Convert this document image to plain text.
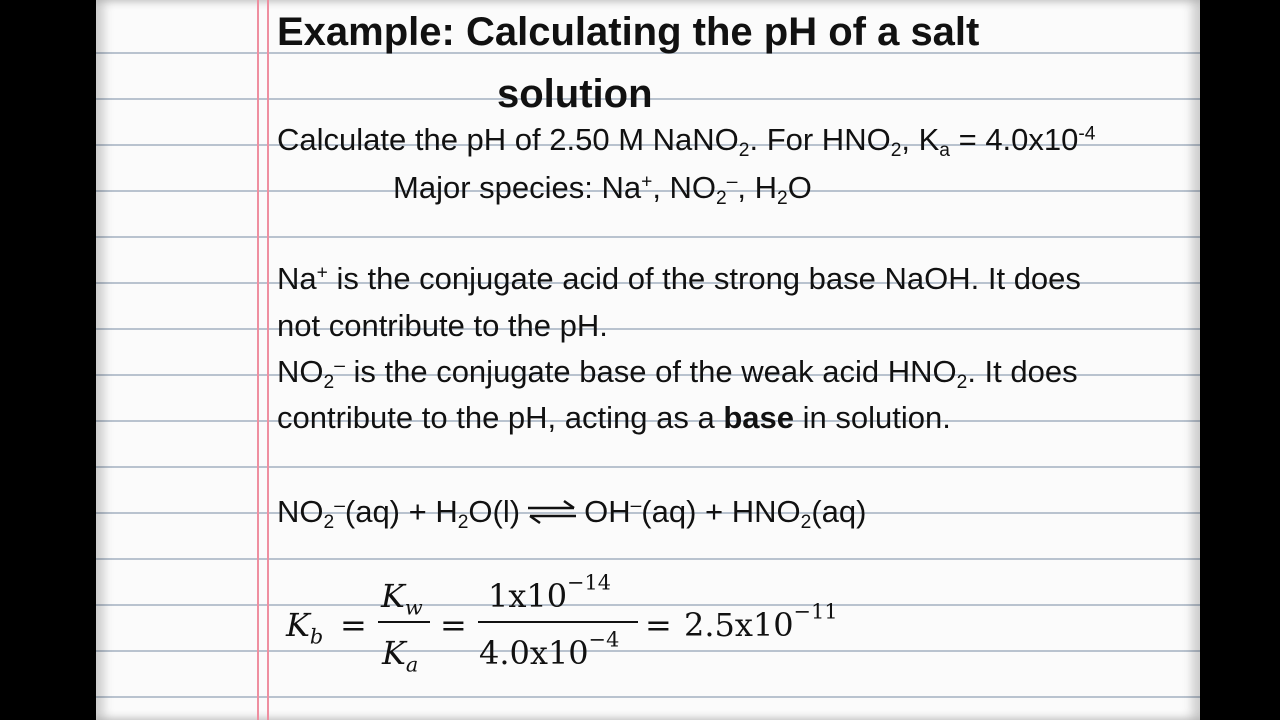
Example: Calculating the pH of a salt
solution
Calculate the pH of 2.50 M NaNO$_2$. For $HNO_2$, $K_a = 4.0x10^{-4}$
Major species: Na+, $NO_2^-$, $H_2O$
Na+ is the conjugate acid of the strong base NaOH. It does
not contribute to the pH.
$NO_2^-$ is the conjugate base of the weak acid $HNO_2$. It does
contribute to the pH, acting as a base in solution.
$NO_2^-(aq) + H_2O(l)$ ⇌ $OH^-(aq) + HNO_2(aq)$
$K_b$ =
$K_w$
$K_a$
=
$1x10^{-14}$
$4.0x10^{-4} = 2.5x10^{-11}$
